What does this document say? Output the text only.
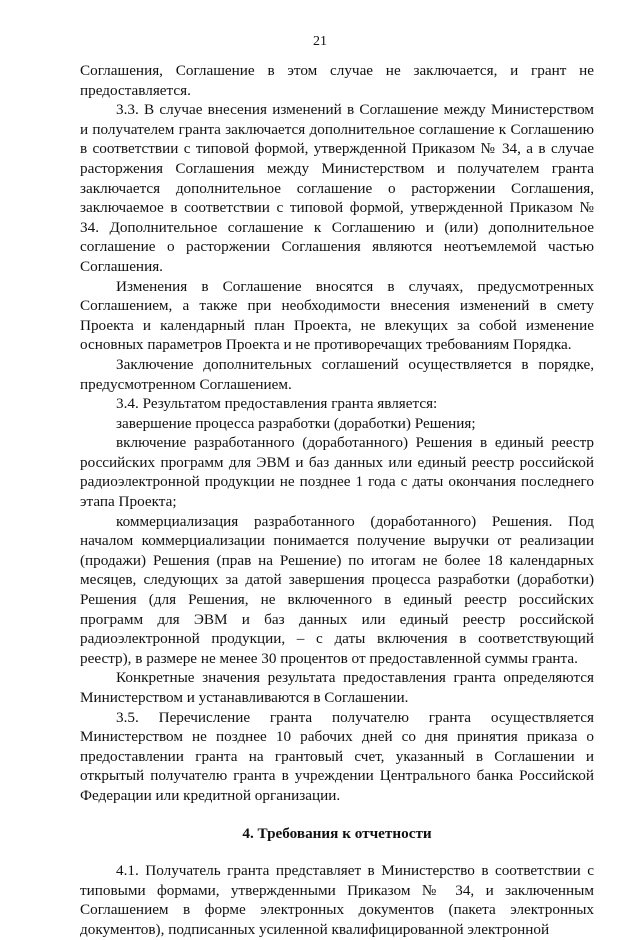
21

Соглашения, Соглашение в этом случае не заключается, и грант не предоставляется.

3.3. В случае внесения изменений в Соглашение между Министерством и получателем гранта заключается дополнительное соглашение к Соглашению в соответствии с типовой формой, утвержденной Приказом № 34, а в случае расторжения Соглашения между Министерством и получателем гранта заключается дополнительное соглашение о расторжении Соглашения, заключаемое в соответствии с типовой формой, утвержденной Приказом № 34. Дополнительное соглашение к Соглашению и (или) дополнительное соглашение о расторжении Соглашения являются неотъемлемой частью Соглашения.

Изменения в Соглашение вносятся в случаях, предусмотренных Соглашением, а также при необходимости внесения изменений в смету Проекта и календарный план Проекта, не влекущих за собой изменение основных параметров Проекта и не противоречащих требованиям Порядка.

Заключение дополнительных соглашений осуществляется в порядке, предусмотренном Соглашением.

3.4. Результатом предоставления гранта является:

завершение процесса разработки (доработки) Решения;

включение разработанного (доработанного) Решения в единый реестр российских программ для ЭВМ и баз данных или единый реестр российской радиоэлектронной продукции не позднее 1 года с даты окончания последнего этапа Проекта;

коммерциализация разработанного (доработанного) Решения. Под началом коммерциализации понимается получение выручки от реализации (продажи) Решения (прав на Решение) по итогам не более 18 календарных месяцев, следующих за датой завершения процесса разработки (доработки) Решения (для Решения, не включенного в единый реестр российских программ для ЭВМ и баз данных или единый реестр российской радиоэлектронной продукции, – с даты включения в соответствующий реестр), в размере не менее 30 процентов от предоставленной суммы гранта.

Конкретные значения результата предоставления гранта определяются Министерством и устанавливаются в Соглашении.

3.5. Перечисление гранта получателю гранта осуществляется Министерством не позднее 10 рабочих дней со дня принятия приказа о предоставлении гранта на грантовый счет, указанный в Соглашении и открытый получателю гранта в учреждении Центрального банка Российской Федерации или кредитной организации.

4. Требования к отчетности

4.1. Получатель гранта представляет в Министерство в соответствии с типовыми формами, утвержденными Приказом № 34, и заключенным Соглашением в форме электронных документов (пакета электронных документов), подписанных усиленной квалифицированной электронной
